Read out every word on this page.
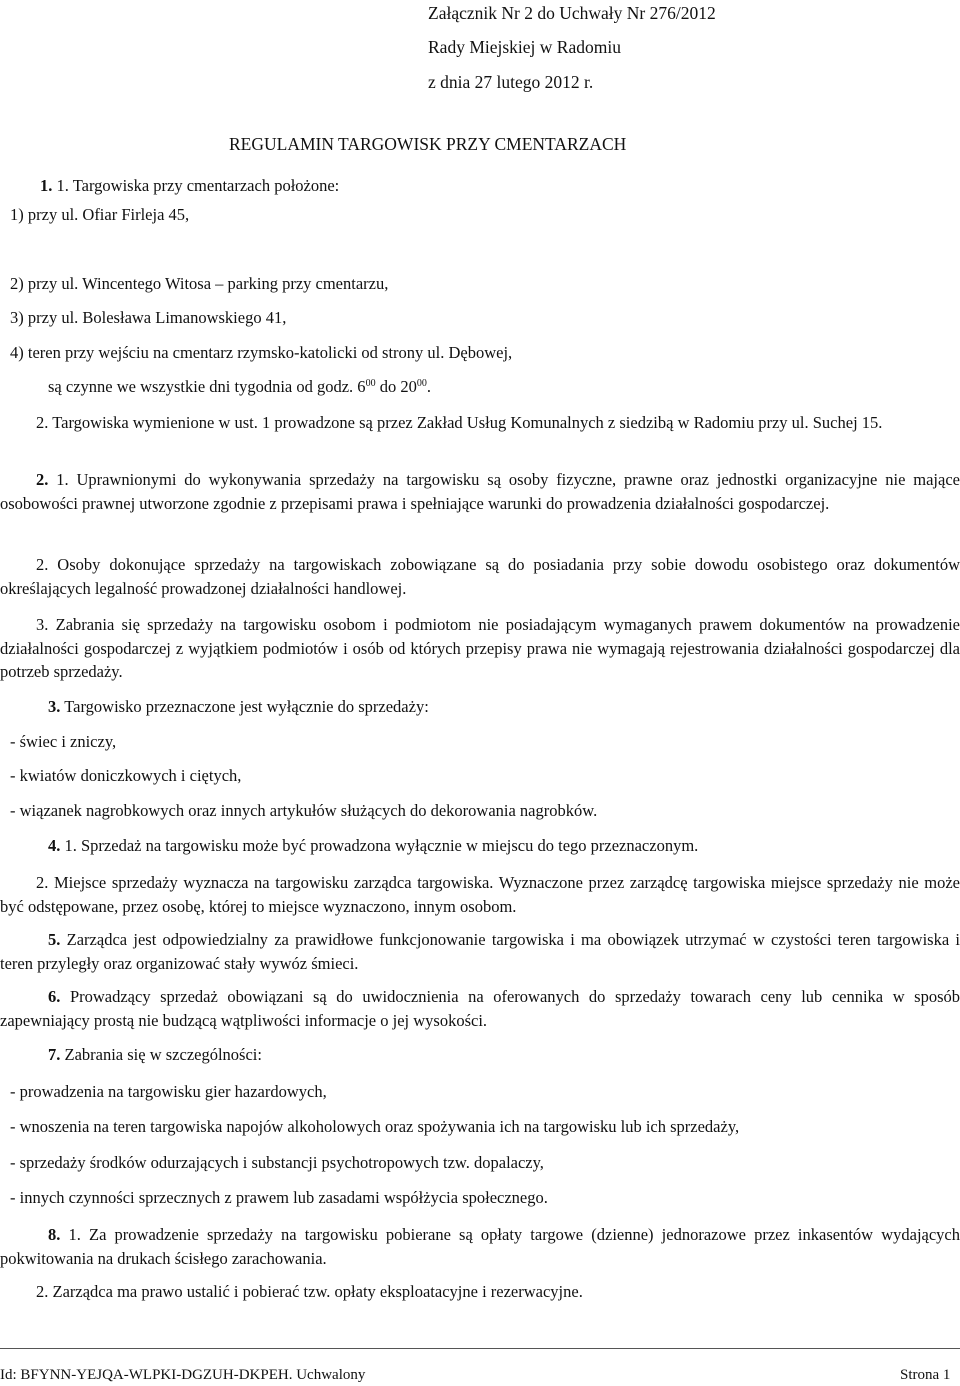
Załącznik Nr 2 do Uchwały Nr 276/2012
Rady Miejskiej w Radomiu
z dnia 27 lutego 2012 r.
REGULAMIN TARGOWISK PRZY CMENTARZACH
1. 1. Targowiska przy cmentarzach położone:
1) przy ul. Ofiar Firleja 45,
2) przy ul. Wincentego Witosa – parking przy cmentarzu,
3) przy ul. Bolesława Limanowskiego 41,
4) teren przy wejściu na cmentarz rzymsko-katolicki od strony ul. Dębowej,
są czynne we wszystkie dni tygodnia od godz. $6^{00}$ do $20^{00}$.

2. Targowiska wymienione w ust. 1 prowadzone są przez Zakład Usług Komunalnych z siedzibą w Radomiu przy ul. Suchej 15.

2. 1. Uprawnionymi do wykonywania sprzedaży na targowisku są osoby fizyczne, prawne oraz jednostki organizacyjne nie mające osobowości prawnej utworzone zgodnie z przepisami prawa i spełniające warunki do prowadzenia działalności gospodarczej.

2. Osoby dokonujące sprzedaży na targowiskach zobowiązane są do posiadania przy sobie dowodu osobistego oraz dokumentów określających legalność prowadzonej działalności handlowej.

3. Zabrania się sprzedaży na targowisku osobom i podmiotom nie posiadającym wymaganych prawem dokumentów na prowadzenie działalności gospodarczej z wyjątkiem podmiotów i osób od których przepisy prawa nie wymagają rejestrowania działalności gospodarczej dla potrzeb sprzedaży.

3. Targowisko przeznaczone jest wyłącznie do sprzedaży:
- świec i zniczy,
- kwiatów doniczkowych i ciętych,
- wiązanek nagrobkowych oraz innych artykułów służących do dekorowania nagrobków.
4. 1. Sprzedaż na targowisku może być prowadzona wyłącznie w miejscu do tego przeznaczonym.

2. Miejsce sprzedaży wyznacza na targowisku zarządca targowiska. Wyznaczone przez zarządcę targowiska miejsce sprzedaży nie może być odstępowane, przez osobę, której to miejsce wyznaczono, innym osobom.

5. Zarządca jest odpowiedzialny za prawidłowe funkcjonowanie targowiska i ma obowiązek utrzymać w czystości teren targowiska i teren przyległy oraz organizować stały wywóz śmieci.

6. Prowadzący sprzedaż obowiązani są do uwidocznienia na oferowanych do sprzedaży towarach ceny lub cennika w sposób zapewniający prostą nie budzącą wątpliwości informacje o jej wysokości.

7. Zabrania się w szczególności:
- prowadzenia na targowisku gier hazardowych,
- wnoszenia na teren targowiska napojów alkoholowych oraz spożywania ich na targowisku lub ich sprzedaży,
- sprzedaży środków odurzających i substancji psychotropowych tzw. dopalaczy,
- innych czynności sprzecznych z prawem lub zasadami współżycia społecznego.

8. 1. Za prowadzenie sprzedaży na targowisku pobierane są opłaty targowe (dzienne) jednorazowe przez inkasentów wydających pokwitowania na drukach ścisłego zarachowania.

2. Zarządca ma prawo ustalić i pobierać tzw. opłaty eksploatacyjne i rezerwacyjne.
Id: BFYNN-YEJQA-WLPKI-DGZUH-DKPEH. Uchwalony	Strona 1
